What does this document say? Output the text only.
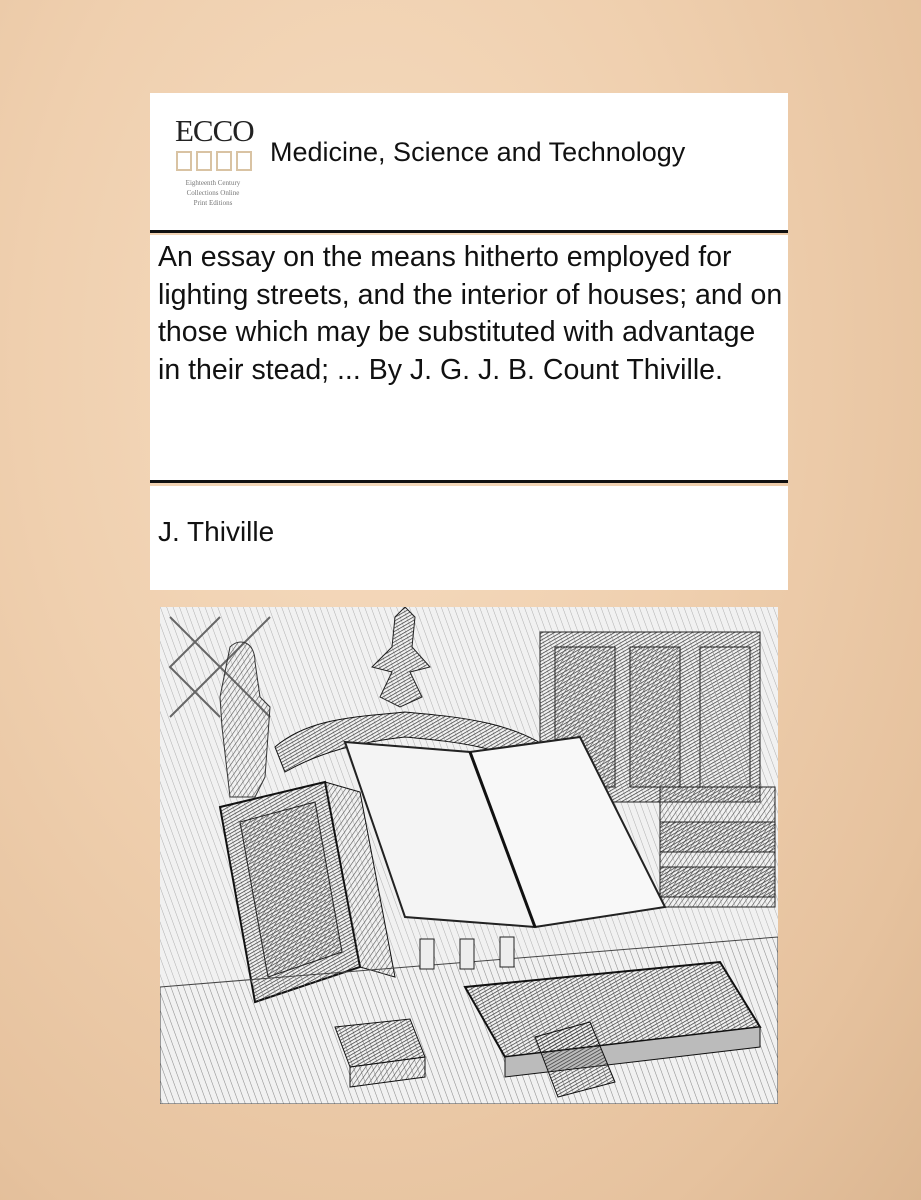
ECCO
Eighteenth Century
Collections Online
Print Editions
Medicine, Science and Technology
An essay on the means hitherto employed for lighting streets, and the interior of houses; and on those which may be substituted with advantage in their stead; ... By J. G. J. B. Count Thiville.
J. Thiville
